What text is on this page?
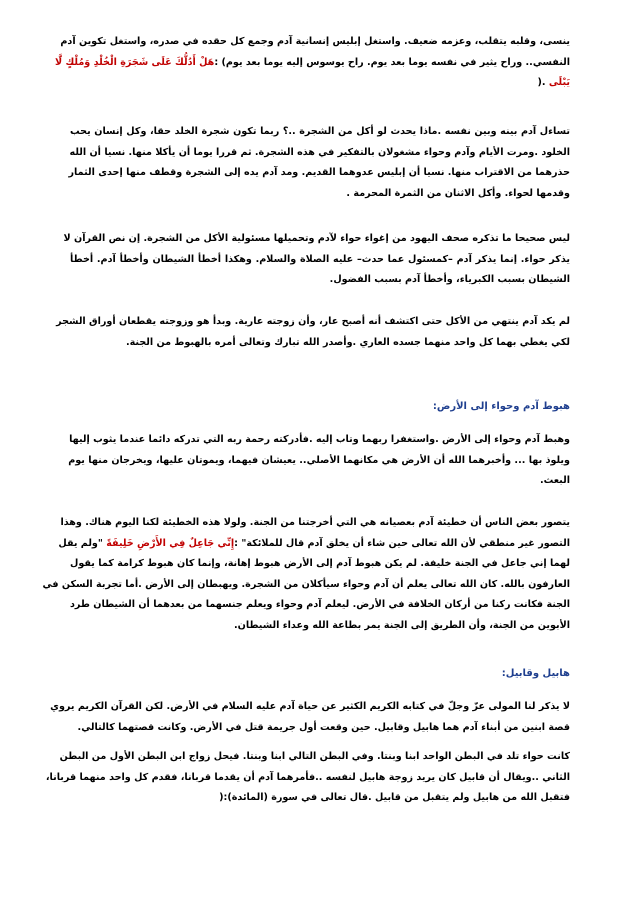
ينسى، وقلبه يتقلب، وعزمه ضعيف. واستغل إبليس إنسانية آدم وجمع كل حقده في صدره، واستغل تكوين آدم
النفسي.. وراح يثير في نفسه يوما بعد يوم. راح يوسوس إليه يوما بعد يوم) :هَلْ أَدُلُّكَ عَلَى شَجَرَةِ الْخُلْدِ وَمُلْكٍ لَّا
يَبْلَى .(
تساءل آدم بينه وبين نفسه .ماذا يحدث لو أكل من الشجرة ..؟ ربما تكون شجرة الخلد حقا، وكل إنسان يحب
الخلود .ومرت الأيام وآدم وحواء مشغولان بالتفكير في هذه الشجرة. ثم قررا يوما أن يأكلا منها. نسيا أن الله
حذرهما من الاقتراب منها. نسيا أن إبليس عدوهما القديم. ومد آدم يده إلى الشجرة وقطف منها إحدى الثمار
وقدمها لحواء. وأكل الاثنان من الثمرة المحرمة .
ليس صحيحا ما تذكره صحف اليهود من إغواء حواء لآدم وتحميلها مسئولية الأكل من الشجرة. إن نص القرآن لا
يذكر حواء. إنما يذكر آدم –كمسئول عما حدث– عليه الصلاة والسلام. وهكذا أخطأ الشيطان وأخطأ آدم. أخطأ
الشيطان بسبب الكبرياء، وأخطأ آدم بسبب الفضول.
لم يكد آدم ينتهي من الأكل حتى اكتشف أنه أصبح عار، وأن زوجته عارية. وبدأ هو وزوجته يقطعان أوراق الشجر
لكي يغطي بهما كل واحد منهما جسده العاري .وأصدر الله تبارك وتعالى أمره بالهبوط من الجنة.
هبوط آدم وحواء إلى الأرض:
وهبط آدم وحواء إلى الأرض .واستغفرا ربهما وتاب إليه .فأدركته رحمة ربه التي تدركه دائما عندما يثوب إليها
ويلوذ بها ... وأخبرهما الله أن الأرض هي مكانهما الأصلي.. يعيشان فيهما، ويموتان عليها، ويخرجان منها يوم
البعث.
يتصور بعض الناس أن خطيئة آدم بعصيانه هي التي أخرجتنا من الجنة. ولولا هذه الخطيئة لكنا اليوم هناك. وهذا
التصور غير منطقي لأن الله تعالى حين شاء أن يخلق آدم قال للملائكة" :إِنِّي جَاعِلٌ فِي الأَرْضِ خَلِيفَةً "ولم يقل
لهما إني جاعل في الجنة خليفة. لم يكن هبوط آدم إلى الأرض هبوط إهانة، وإنما كان هبوط كرامة كما يقول
العارفون بالله. كان الله تعالى يعلم أن آدم وحواء سيأكلان من الشجرة. ويهبطان إلى الأرض .أما تجربة السكن في
الجنة فكانت ركنا من أركان الخلافة في الأرض. ليعلم آدم وحواء ويعلم جنسهما من بعدهما أن الشيطان طرد
الأبوين من الجنة، وأن الطريق إلى الجنة يمر بطاعة الله وعداء الشيطان.
هابيل وقابيل:
لا يذكر لنا المولى عزّ وجلّ في كتابه الكريم الكثير عن حياة آدم عليه السلام في الأرض. لكن القرآن الكريم يروي
قصة ابنين من أبناء آدم هما هابيل وقابيل. حين وقعت أول جريمة قتل في الأرض. وكانت قصتهما كالتالي.
كانت حواء تلد في البطن الواحد ابنا وبنتا. وفي البطن التالي ابنا وبنتا. فيحل زواج ابن البطن الأول من البطن
الثاني ..ويقال أن قابيل كان يريد زوجة هابيل لنفسه ..فأمرهما آدم أن يقدما قربانا، فقدم كل واحد منهما قربانا،
فتقبل الله من هابيل ولم يتقبل من قابيل .قال تعالى في سورة (المائدة):(
